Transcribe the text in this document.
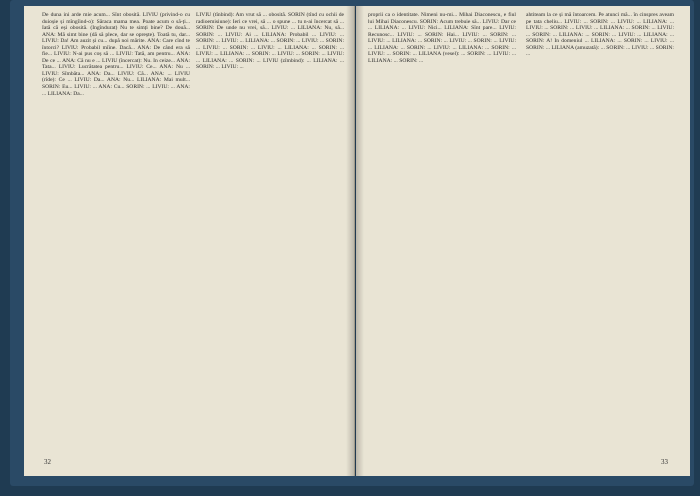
De duna ini arde mie acum... Sînt obosită. LIVIU (privind-o cu duioșie și mîngîind-o): Săraca mama mea. Poate acum o să-ți... Iată că eși obosită. (Ingîndurat) Nu te simți bine? De două... ANA: Mă simt bine (dă să plece, dar se oprește). Toată tu, dar... LIVIU: Da! Am auzit și cu... după noi mărite. ANA: Care cînd te întorci? LIVIU: Probabil mîine. Dacă... ANA: De când era să fie... LIVIU: N-ai pus coș să ... LIVIU: Tată, am pentru... ANA: De ce ... ANA: Că nu e ... LIVIU (încercat): Nu. In ceize... ANA: Tata... LIVIU: Lucrătatea pentru... LIVIU: Ce... ANA: Nu ... LIVIU: Sîmbăta... ANA: Da... LIVIU: Că... ANA: ... LIVIU (rîde): Ce ... LIVIU: Da... ANA: Nu... LILIANA: Mai mult... SORIN: Eu... LIVIU: ... ANA: Cu... SORIN: ... LIVIU: ... ANA: ... LILIANA: Da...

LIVIU (tînbind): Am vrut să ... obosită. SORIN (tînd cu ochii de radioemisiune): Ieri ce vrei, să ... o spune ... tu n-ai încercat să ... SORIN: De unde nu vrei, să... LIVIU: ... LILIANA: Nu, să... SORIN: ... LIVIU: Ai ... LILIANA: Probabil ... LIVIU: ... SORIN: ... LIVIU: ... LILIANA: ... SORIN: ... LIVIU: ... SORIN: ... LIVIU: ... SORIN: ... LIVIU: ... LILIANA: ... SORIN: ... LIVIU: ... LILIANA: ... SORIN: ... LIVIU: ... SORIN: ... LIVIU: ... LILIANA: ... SORIN: ... LIVIU (zîmbind): ... LILIANA: ... SORIN: ... LIVIU: ...

32

proprii ca o identitate. Nimeni nu-mi... Mihai Diaconescu, e fiul lui Mihai Diaconescu. SORIN: Acum trebuie să... LIVIU: Dar ce ... LILIANA: ... LIVIU: Nici... LILIANA: Sînt pare... LIVIU: Recunosc... LIVIU: ... SORIN: Hai... LIVIU: ... SORIN: ... LIVIU: ... LILIANA: ... SORIN: ... LIVIU: ... SORIN: ... LIVIU: ... LILIANA: ... SORIN: ... LIVIU: ... LILIANA: ... SORIN: ... LIVIU: ... SORIN: ... LILIANA (vesel): ... SORIN: ... LIVIU: ... LILIANA: ... SORIN: ...

ahtiteam la ce și mă întoarcem. Pe atunci mă... în cinspres aveam pe tata cheliu... LIVIU: ... SORIN: ... LIVIU: ... LILIANA: ... LIVIU: ... SORIN: ... LIVIU: ... LILIANA: ... SORIN: ... LIVIU: ... SORIN: ... LILIANA: ... SORIN: ... LIVIU: ... LILIANA: ... SORIN: A! In domeniul ... LILIANA: ... SORIN: ... LIVIU: ... SORIN: ... LILIANA (amuzată): ... SORIN: ... LIVIU: ... SORIN: ...

33
